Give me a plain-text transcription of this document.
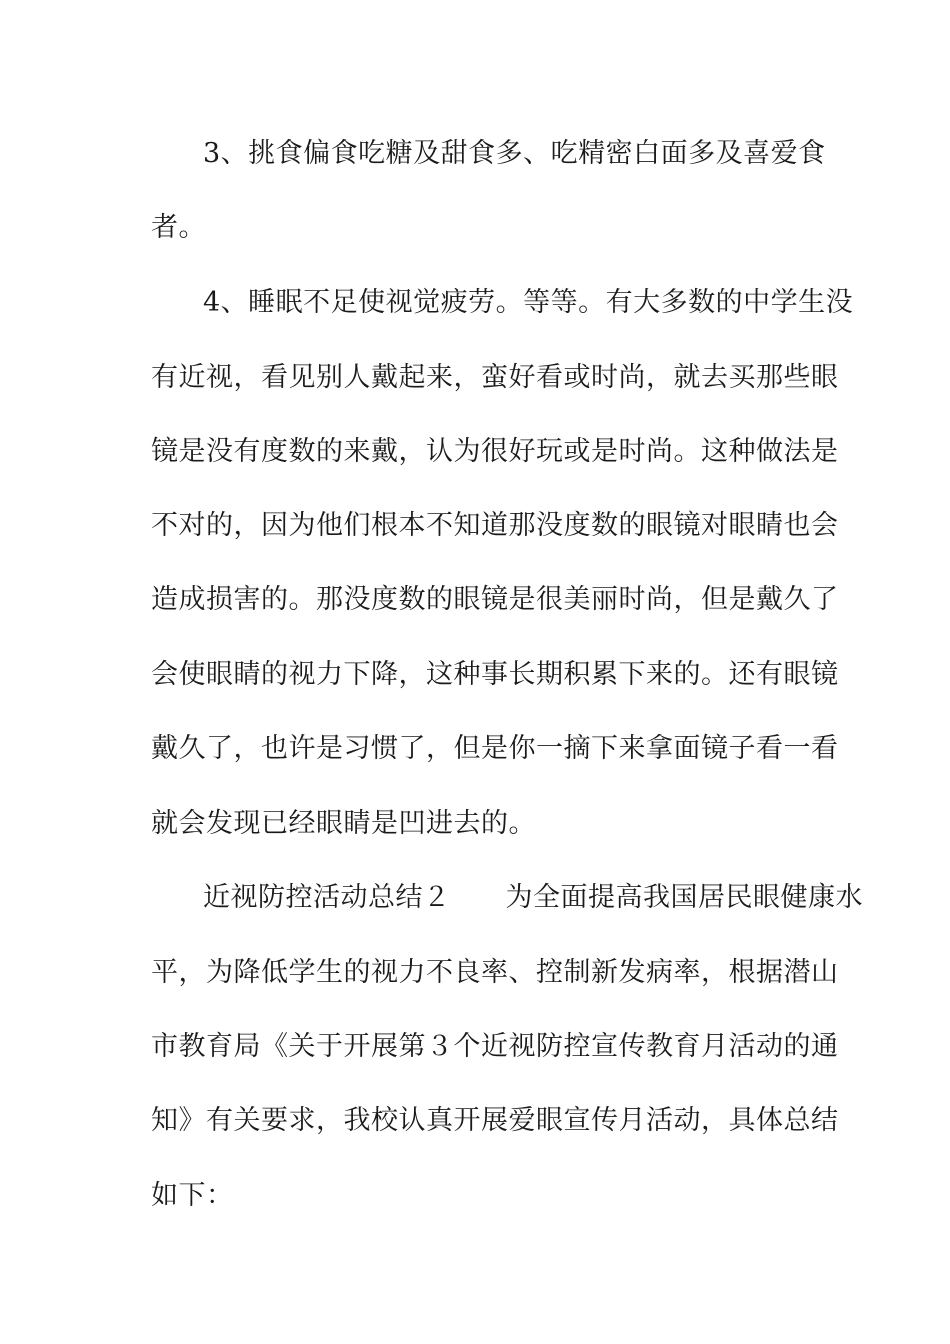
3、挑食偏食吃糖及甜食多、吃精密白面多及喜爱食
者。
4、睡眠不足使视觉疲劳。等等。有大多数的中学生没
有近视，看见别人戴起来，蛮好看或时尚，就去买那些眼
镜是没有度数的来戴，认为很好玩或是时尚。这种做法是
不对的，因为他们根本不知道那没度数的眼镜对眼睛也会
造成损害的。那没度数的眼镜是很美丽时尚，但是戴久了
会使眼睛的视力下降，这种事长期积累下来的。还有眼镜
戴久了，也许是习惯了，但是你一摘下来拿面镜子看一看
就会发现已经眼睛是凹进去的。
近视防控活动总结２　　为全面提高我国居民眼健康水
平，为降低学生的视力不良率、控制新发病率，根据潜山
市教育局《关于开展第３个近视防控宣传教育月活动的通
知》有关要求，我校认真开展爱眼宣传月活动，具体总结
如下：
